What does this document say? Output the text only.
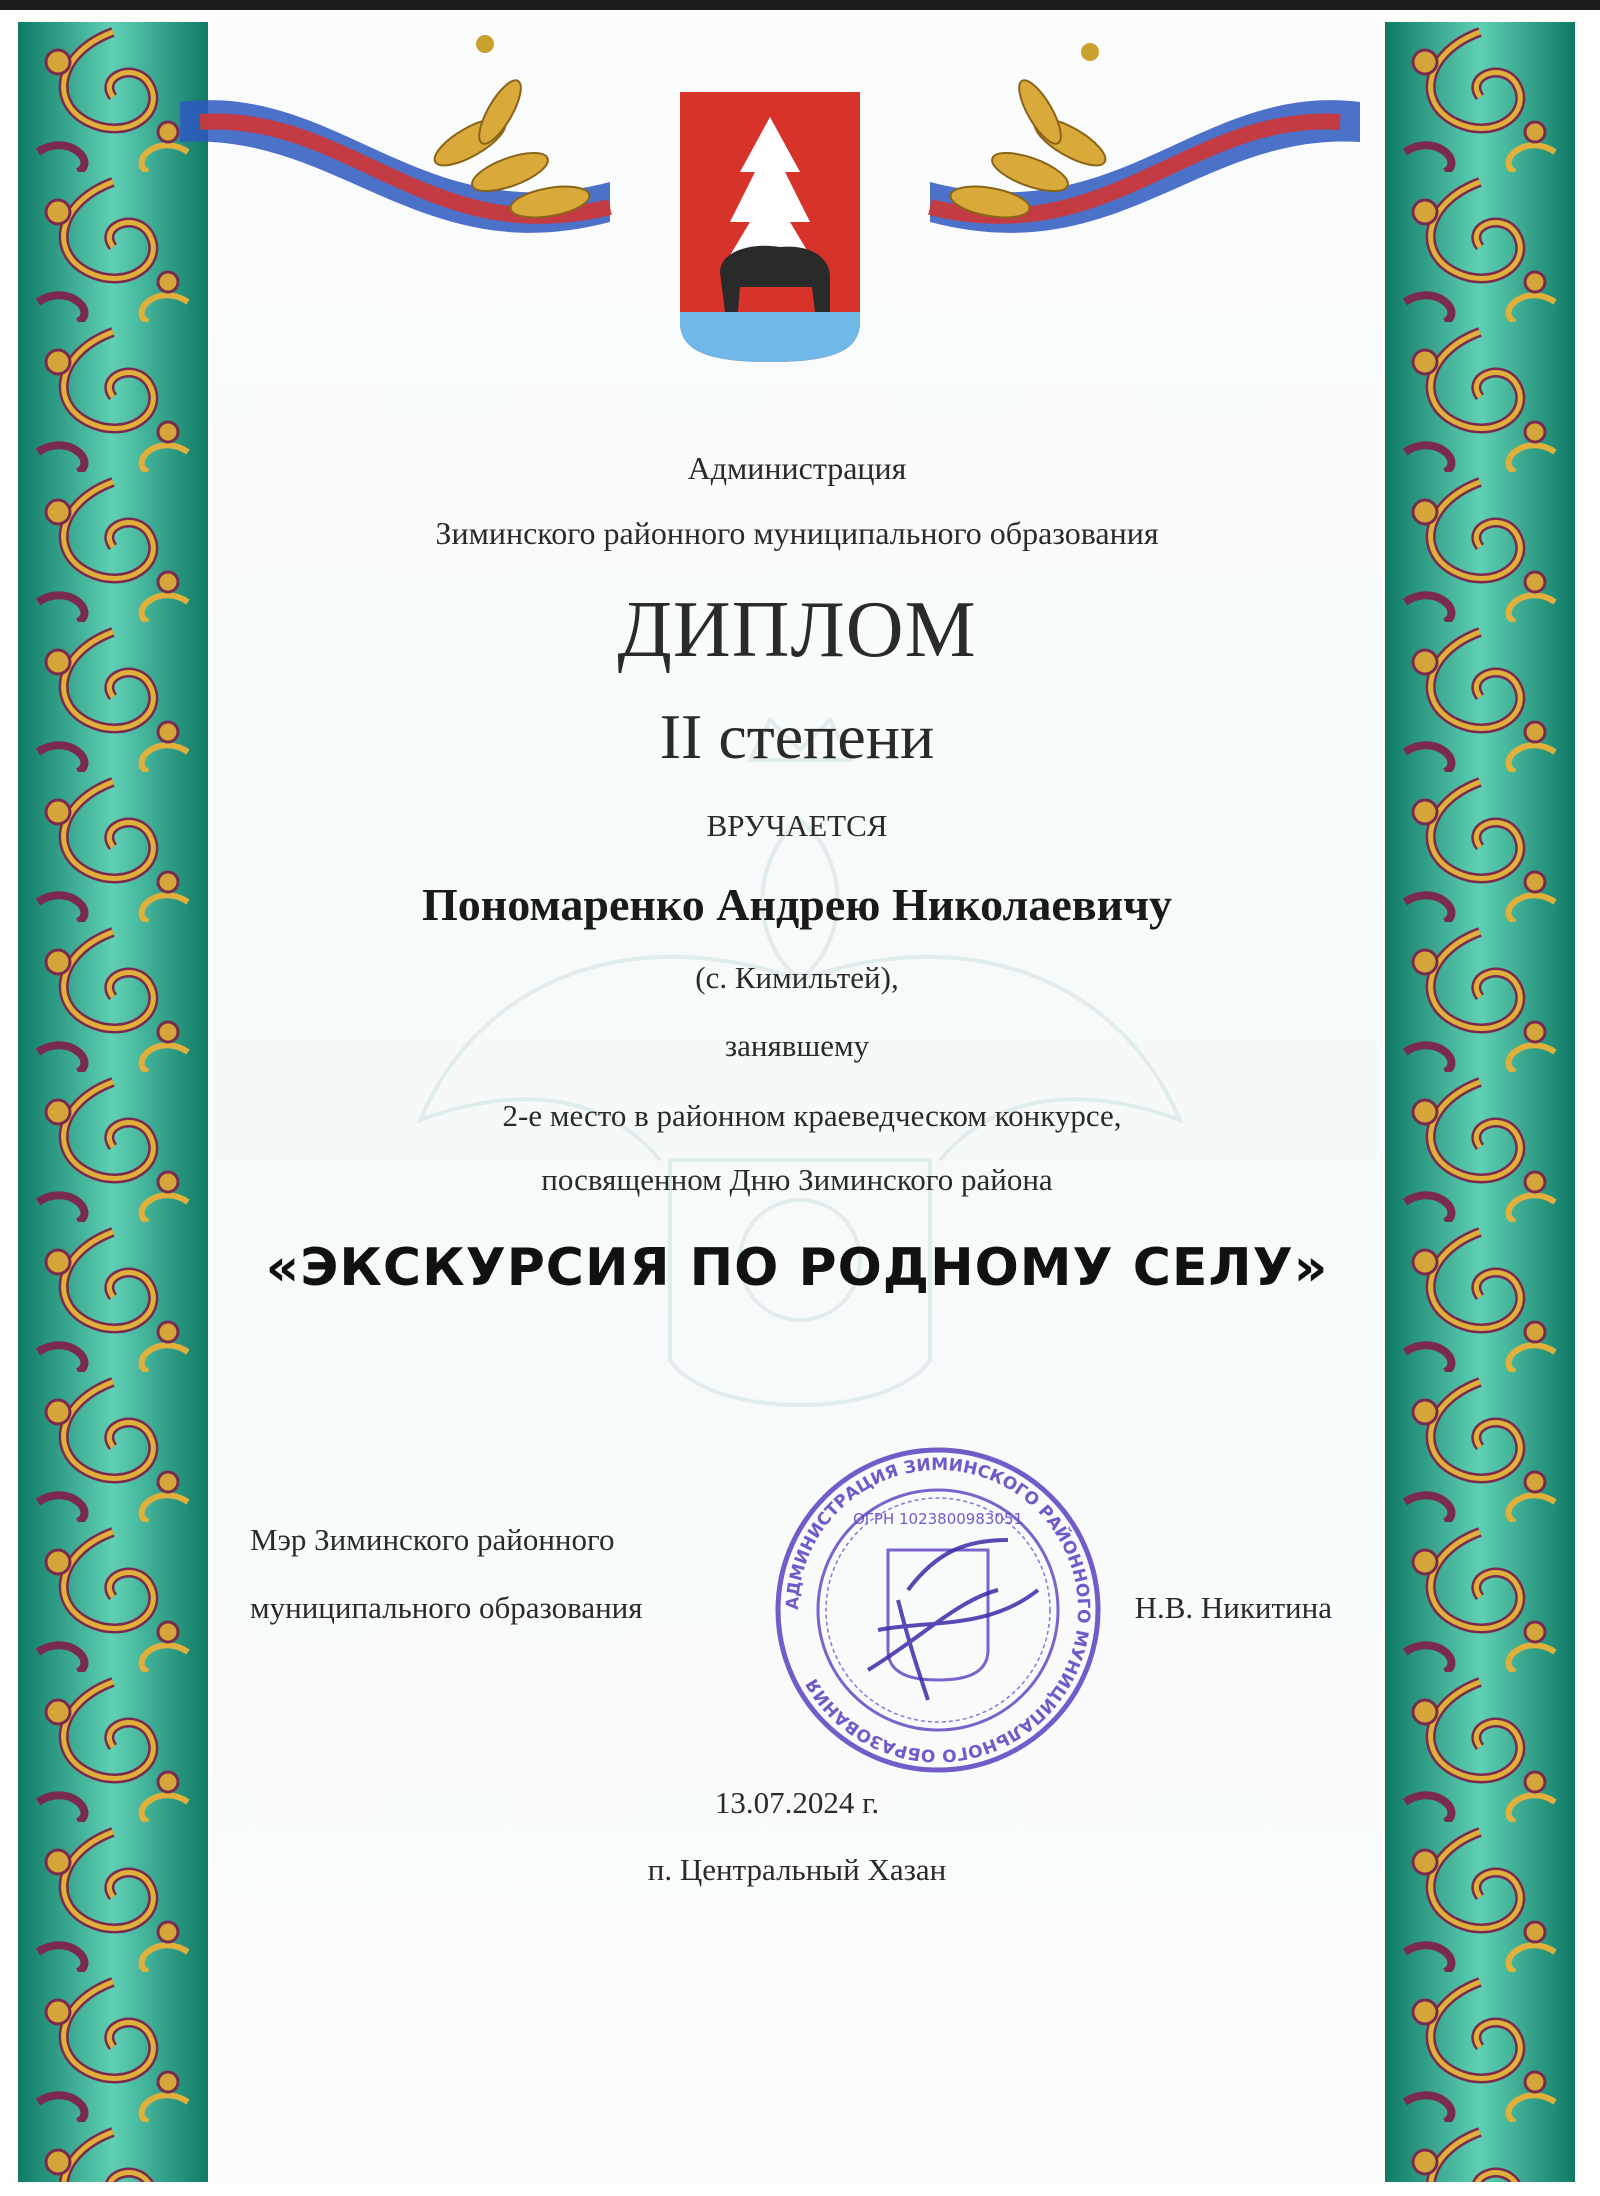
Администрация
Зиминского районного муниципального образования
ДИПЛОМ
II степени
ВРУЧАЕТСЯ
Пономаренко Андрею Николаевичу
(с. Кимильтей),
занявшему
2-е место в районном краеведческом конкурсе,
посвященном Дню Зиминского района
«ЭКСКУРСИЯ ПО РОДНОМУ СЕЛУ»
Мэр Зиминского районного
муниципального образования	Н.В. Никитина
АДМИНИСТРАЦИЯ ЗИМИНСКОГО РАЙОННОГО МУНИЦИПАЛЬНОГО ОБРАЗОВАНИЯ
ОГРН 1023800983051
13.07.2024 г.
п. Центральный Хазан
